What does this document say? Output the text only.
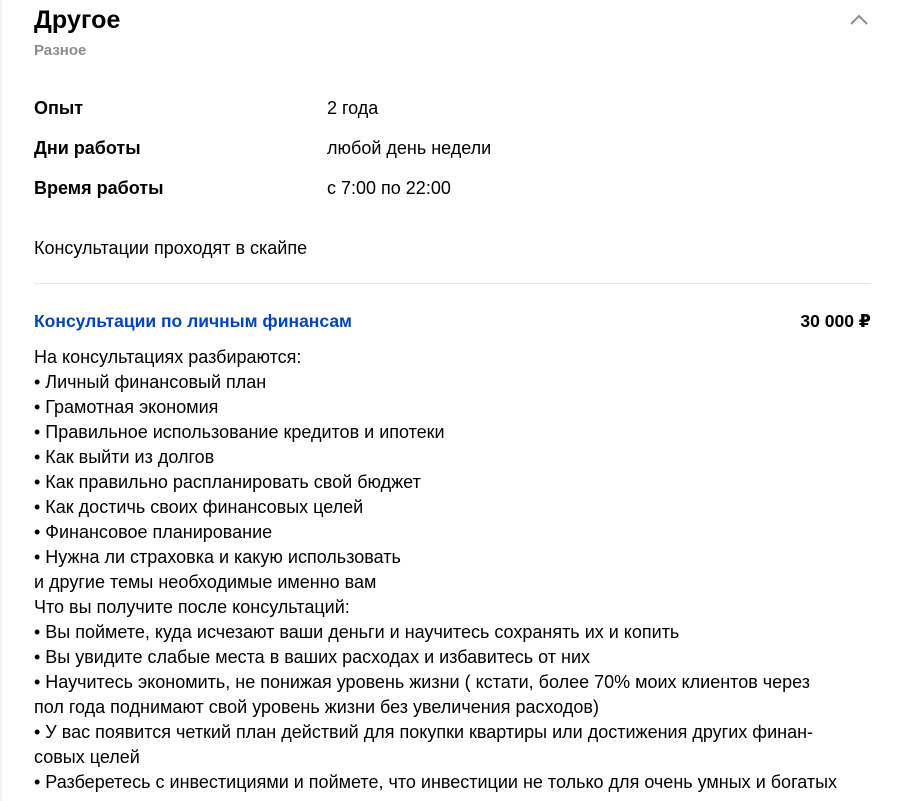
Другое
Разное
Опыт	2 года
Дни работы	любой день недели
Время работы	с 7:00 по 22:00
Консультации проходят в скайпе
Консультации по личным финансам	30 000 ₽
На консультациях разбираются:
• Личный финансовый план
• Грамотная экономия
• Правильное использование кредитов и ипотеки
• Как выйти из долгов
• Как правильно распланировать свой бюджет
• Как достичь своих финансовых целей
• Финансовое планирование
• Нужна ли страховка и какую использовать
и другие темы необходимые именно вам
Что вы получите после консультаций:
• Вы поймете, куда исчезают ваши деньги и научитесь сохранять их и копить
• Вы увидите слабые места в ваших расходах и избавитесь от них
• Научитесь экономить, не понижая уровень жизни ( кстати, более 70% моих клиентов через
пол года поднимают свой уровень жизни без увеличения расходов)
• У вас появится четкий план действий для покупки квартиры или достижения других финан-
совых целей
• Разберетесь с инвестициями и поймете, что инвестиции не только для очень умных и богатых
